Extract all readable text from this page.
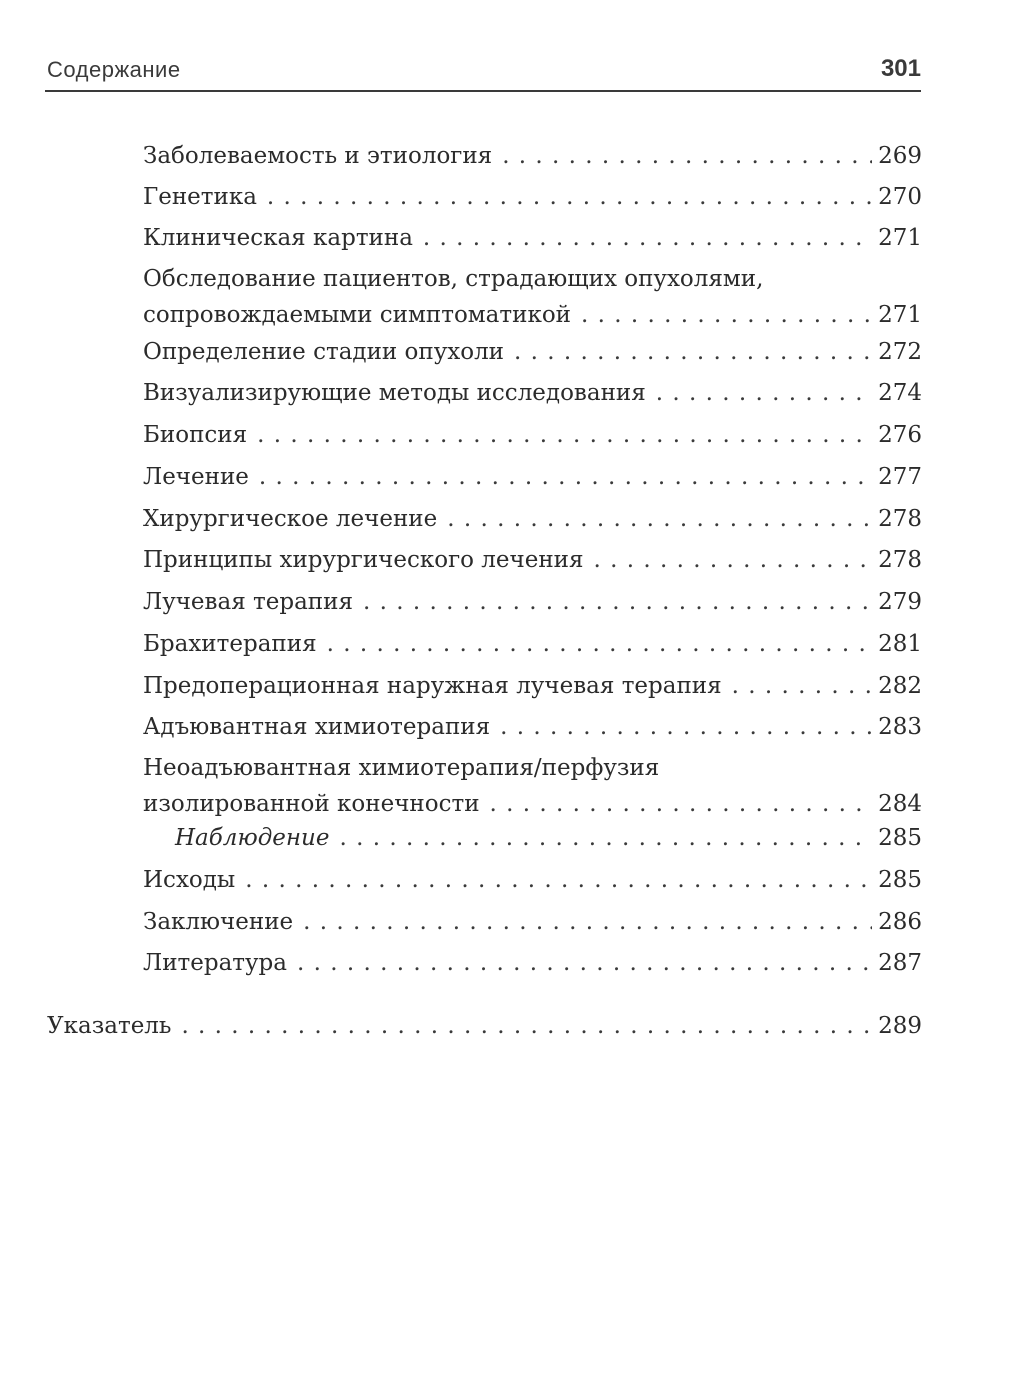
Содержание	301
Заболеваемость и этиология . . .	269
Генетика . . .	270
Клиническая картина . . .	271
Обследование пациентов, страдающих опухолями,
сопровождаемыми симптоматикой . . .	271
Определение стадии опухоли . . .	272
Визуализирующие методы исследования . . .	274
Биопсия . . .	276
Лечение . . .	277
Хирургическое лечение . . .	278
Принципы хирургического лечения . . .	278
Лучевая терапия . . .	279
Брахитерапия . . .	281
Предоперационная наружная лучевая терапия . . .	282
Адъювантная химиотерапия . . .	283
Неоадъювантная химиотерапия/перфузия
изолированной конечности . . .	284
Наблюдение . . .	285
Исходы . . .	285
Заключение . . .	286
Литература . . .	287
Указатель . . .	289
